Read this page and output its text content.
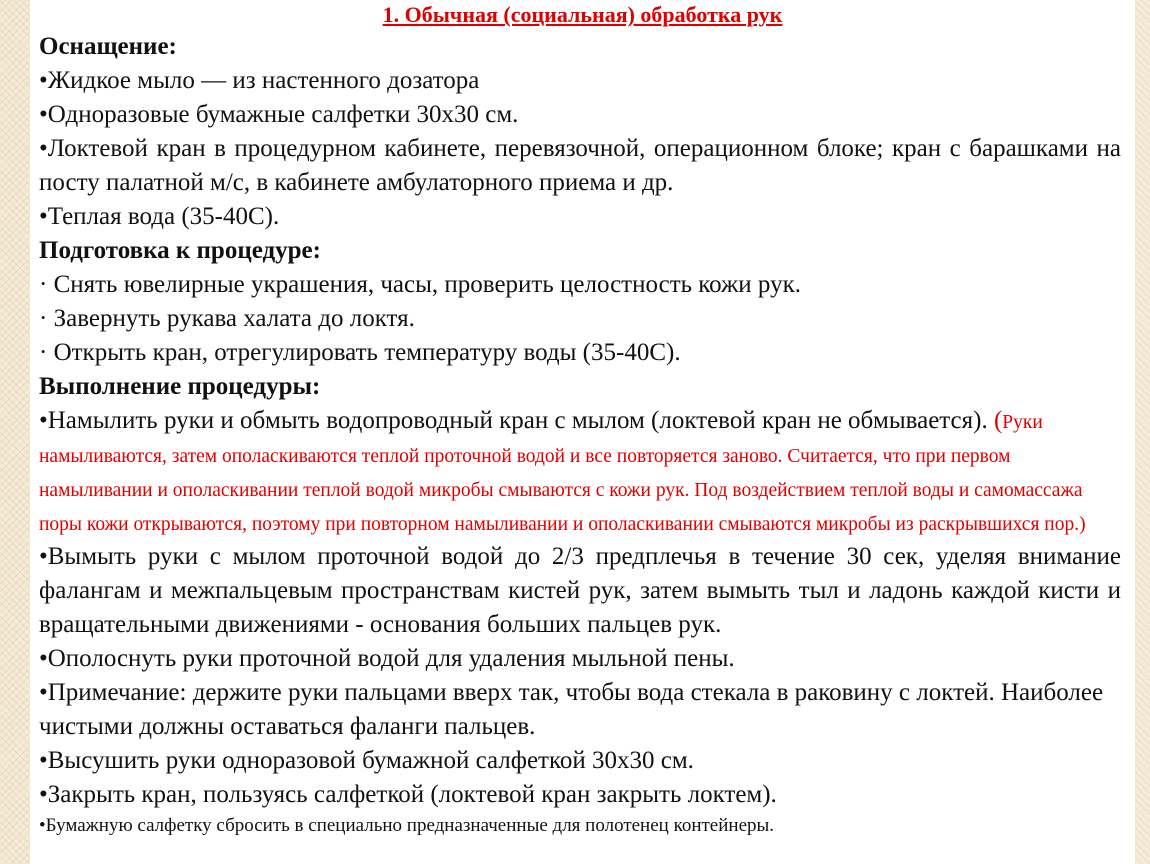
1. Обычная (социальная) обработка рук

Оснащение:

•Жидкое мыло — из настенного дозатора

•Одноразовые бумажные салфетки 30х30 см.

•Локтевой кран в процедурном кабинете, перевязочной, операционном блоке; кран с барашками на посту палатной м/с, в кабинете амбулаторного приема и др.

•Теплая вода (35-40С).

Подготовка к процедуре:

· Снять ювелирные украшения, часы, проверить целостность кожи рук.

· Завернуть рукава халата до локтя.

· Открыть кран, отрегулировать температуру воды (35-40С).

Выполнение процедуры:

•Намылить руки и обмыть водопроводный кран с мылом (локтевой кран не обмывается). (Руки намыливаются, затем ополаскиваются теплой проточной водой и все повторяется заново. Считается, что при первом намыливании и ополаскивании теплой водой микробы смываются с кожи рук. Под воздействием теплой воды и самомассажа поры кожи открываются, поэтому при повторном намыливании и ополаскивании смываются микробы из раскрывшихся пор.)

•Вымыть руки с мылом проточной водой до 2/3 предплечья в течение 30 сек, уделяя внимание фалангам и межпальцевым пространствам кистей рук, затем вымыть тыл и ладонь каждой кисти и вращательными движениями - основания больших пальцев рук.

•Ополоснуть руки проточной водой для удаления мыльной пены.

•Примечание: держите руки пальцами вверх так, чтобы вода стекала в раковину с локтей. Наиболее чистыми должны оставаться фаланги пальцев.

•Высушить руки одноразовой бумажной салфеткой 30х30 см.

•Закрыть кран, пользуясь салфеткой (локтевой кран закрыть локтем).

•Бумажную салфетку сбросить в специально предназначенные для полотенец контейнеры.
